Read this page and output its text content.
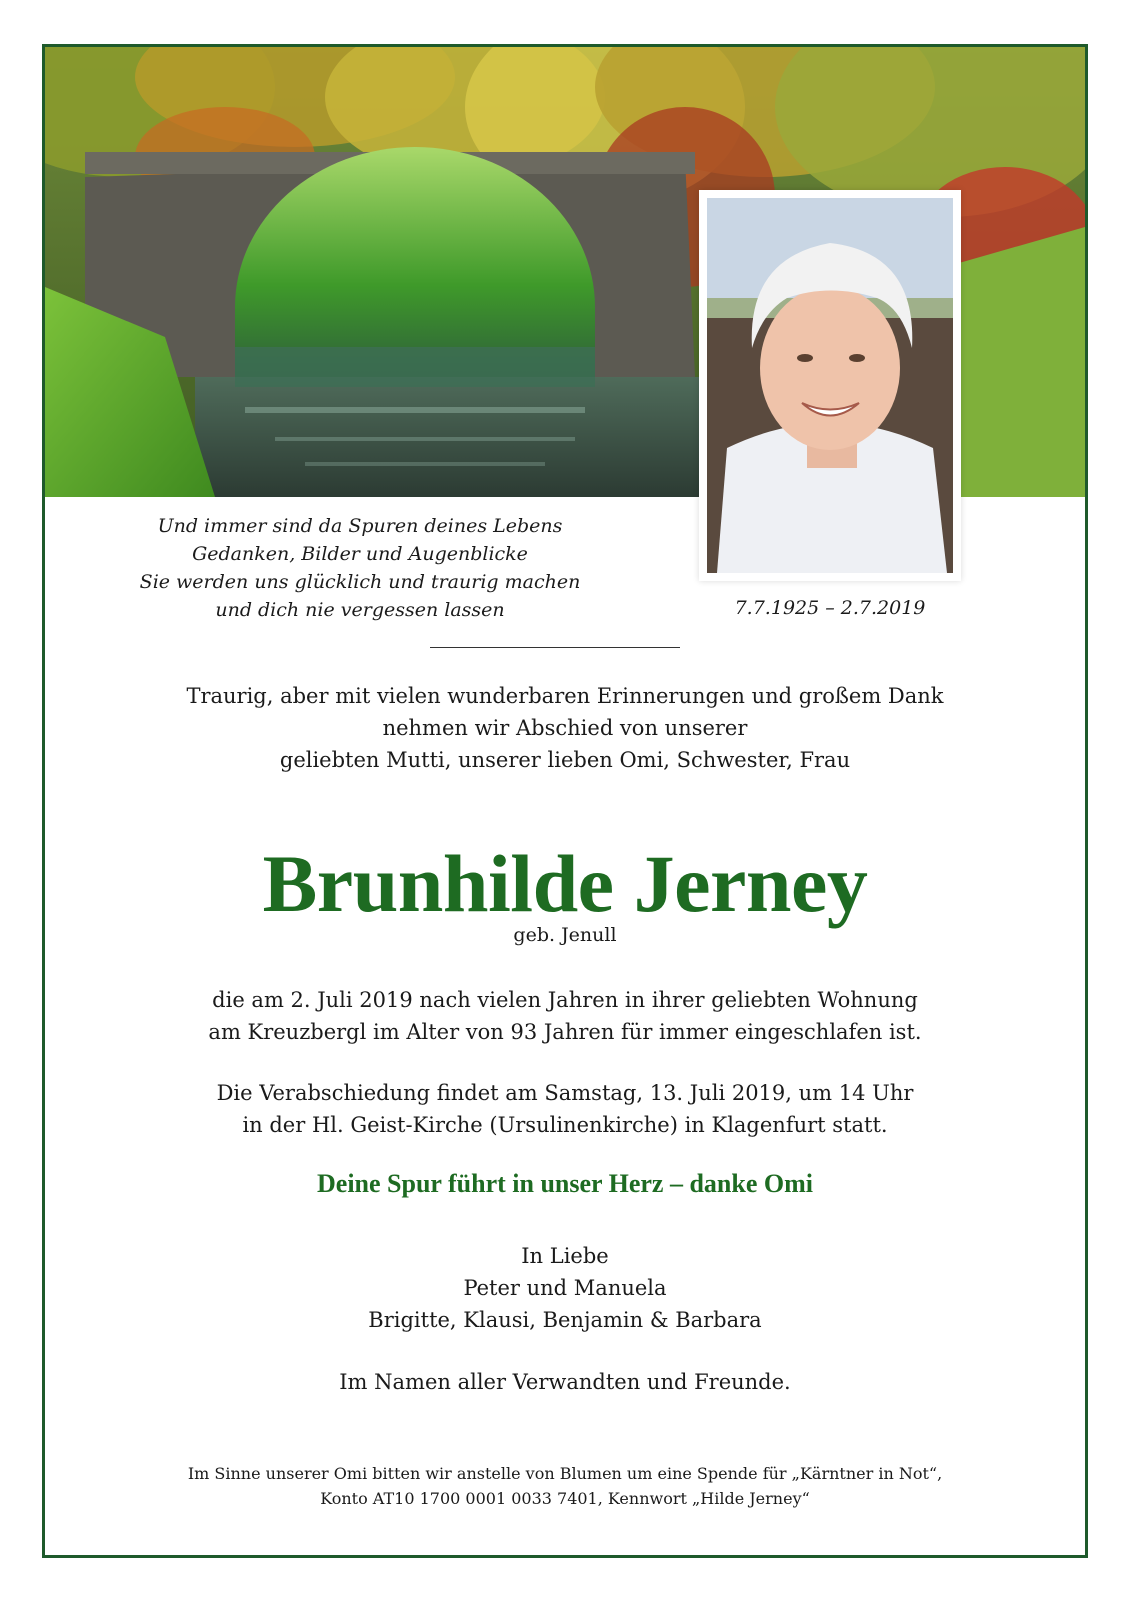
Und immer sind da Spuren deines Lebens
Gedanken, Bilder und Augenblicke
Sie werden uns glücklich und traurig machen
und dich nie vergessen lassen	7.7.1925 – 2.7.2019
Traurig, aber mit vielen wunderbaren Erinnerungen und großem Dank
nehmen wir Abschied von unserer
geliebten Mutti, unserer lieben Omi, Schwester, Frau
Brunhilde Jerney
geb. Jenull
die am 2. Juli 2019 nach vielen Jahren in ihrer geliebten Wohnung
am Kreuzbergl im Alter von 93 Jahren für immer eingeschlafen ist.
Die Verabschiedung findet am Samstag, 13. Juli 2019, um 14 Uhr
in der Hl. Geist-Kirche (Ursulinenkirche) in Klagenfurt statt.
Deine Spur führt in unser Herz – danke Omi
In Liebe
Peter und Manuela
Brigitte, Klausi, Benjamin & Barbara
Im Namen aller Verwandten und Freunde.
Im Sinne unserer Omi bitten wir anstelle von Blumen um eine Spende für „Kärntner in Not“,
Konto AT10 1700 0001 0033 7401, Kennwort „Hilde Jerney“
